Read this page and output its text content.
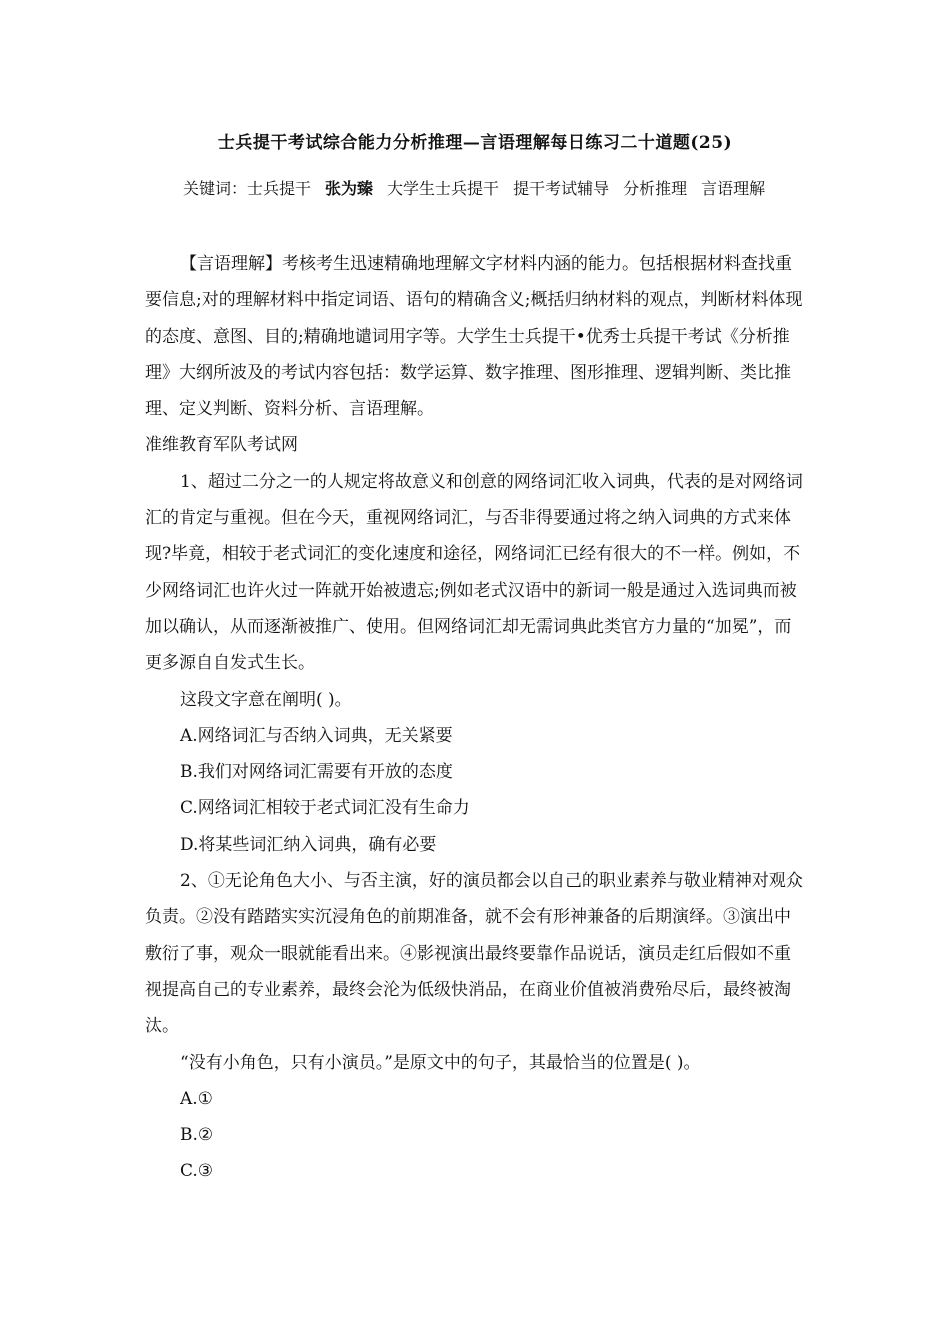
士兵提干考试综合能力分析推理—言语理解每日练习二十道题(25)

关键词：士兵提干 张为臻 大学生士兵提干 提干考试辅导 分析推理 言语理解

【言语理解】考核考生迅速精确地理解文字材料内涵的能力。包括根据材料查找重要信息;对的理解材料中指定词语、语句的精确含义;概括归纳材料的观点，判断材料体现的态度、意图、目的;精确地谴词用字等。大学生士兵提干•优秀士兵提干考试《分析推理》大纲所波及的考试内容包括：数学运算、数字推理、图形推理、逻辑判断、类比推理、定义判断、资料分析、言语理解。

准维教育军队考试网

1、超过二分之一的人规定将故意义和创意的网络词汇收入词典，代表的是对网络词汇的肯定与重视。但在今天，重视网络词汇，与否非得要通过将之纳入词典的方式来体现?毕竟，相较于老式词汇的变化速度和途径，网络词汇已经有很大的不一样。例如，不少网络词汇也许火过一阵就开始被遗忘;例如老式汉语中的新词一般是通过入选词典而被加以确认，从而逐渐被推广、使用。但网络词汇却无需词典此类官方力量的“加冕”，而更多源自自发式生长。

这段文字意在阐明( )。

A.网络词汇与否纳入词典，无关紧要

B.我们对网络词汇需要有开放的态度

C.网络词汇相较于老式词汇没有生命力

D.将某些词汇纳入词典，确有必要

2、①无论角色大小、与否主演，好的演员都会以自己的职业素养与敬业精神对观众负责。②没有踏踏实实沉浸角色的前期准备，就不会有形神兼备的后期演绎。③演出中敷衍了事，观众一眼就能看出来。④影视演出最终要靠作品说话，演员走红后假如不重视提高自己的专业素养，最终会沦为低级快消品，在商业价值被消费殆尽后，最终被淘汰。

“没有小角色，只有小演员。”是原文中的句子，其最恰当的位置是( )。

A.①

B.②

C.③
